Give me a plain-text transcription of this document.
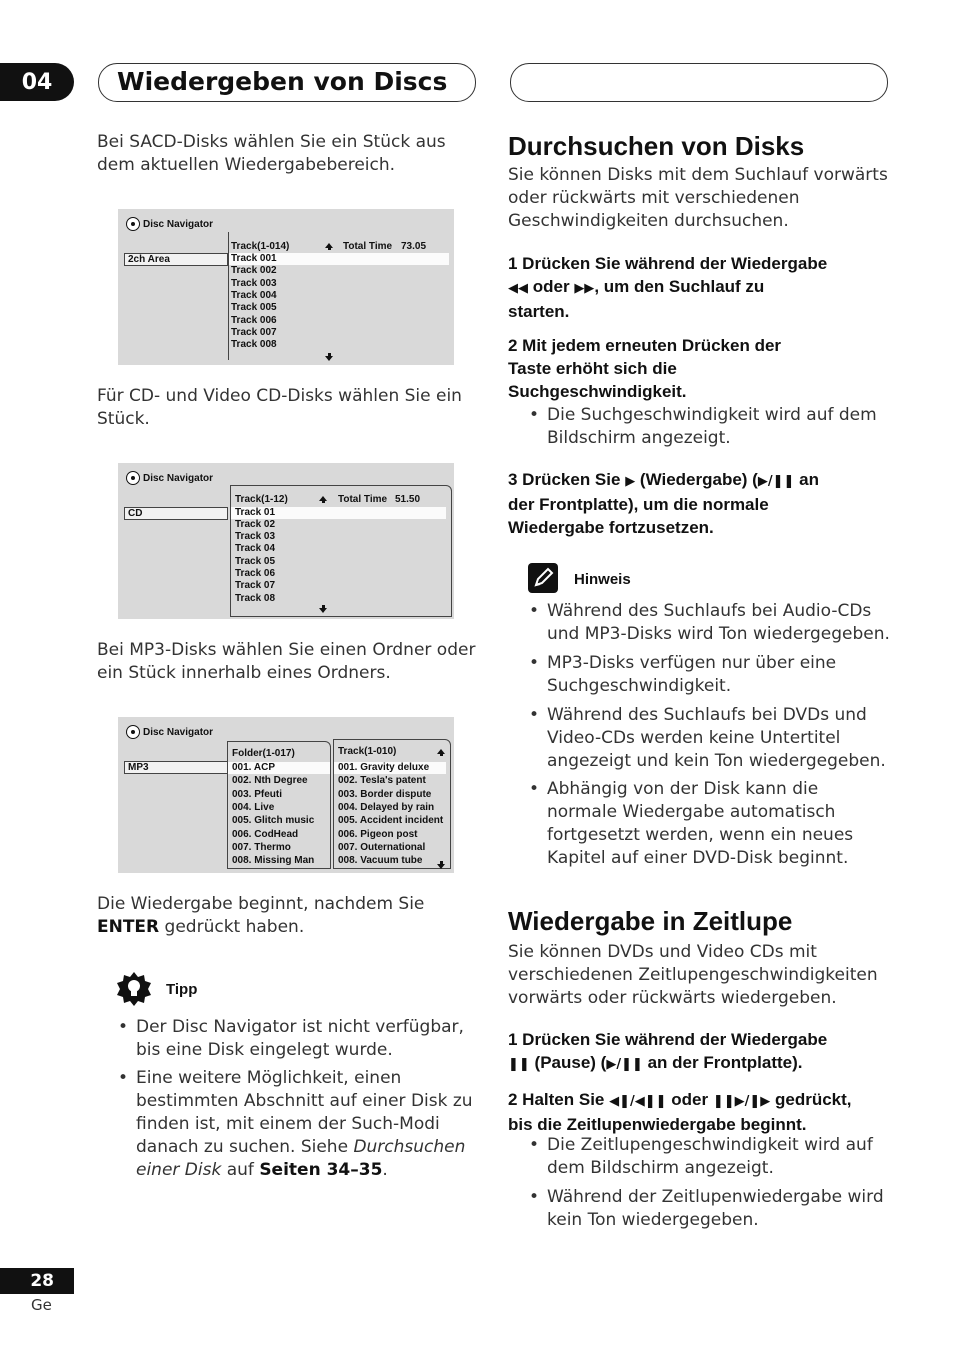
04	Wiedergeben von Discs
Bei SACD-Disks wählen Sie ein Stück aus dem aktuellen Wiedergabebereich.
Disc Navigator
2ch Area
Track(1-014)	Total Time 73.05
Track 001
Track 002
Track 003
Track 004
Track 005
Track 006
Track 007
Track 008
Für CD- und Video CD-Disks wählen Sie ein Stück.
Disc Navigator
CD
Track(1-12)	Total Time 51.50
Track 01
Track 02
Track 03
Track 04
Track 05
Track 06
Track 07
Track 08
Bei MP3-Disks wählen Sie einen Ordner oder ein Stück innerhalb eines Ordners.
Disc Navigator
MP3
Folder(1-017)
001. ACP
002. Nth Degree
003. Pfeuti
004. Live
005. Glitch music
006. CodHead
007. Thermo
008. Missing Man
Track(1-010)
001. Gravity deluxe
002. Tesla's patent
003. Border dispute
004. Delayed by rain
005. Accident incident
006. Pigeon post
007. Outernational
008. Vacuum tube
Die Wiedergabe beginnt, nachdem Sie
ENTER gedrückt haben.
Tipp
• Der Disc Navigator ist nicht verfügbar, bis eine Disk eingelegt wurde.
• Eine weitere Möglichkeit, einen
bestimmten Abschnitt auf einer Disk zu
finden ist, mit einem der Such-Modi
danach zu suchen. Siehe Durchsuchen
einer Disk auf Seiten 34–35.
Durchsuchen von Disks
Sie können Disks mit dem Suchlauf vorwärts oder rückwärts mit verschiedenen Geschwindigkeiten durchsuchen.
1 Drücken Sie während der Wiedergabe
◀◀ oder ▶▶, um den Suchlauf zu
starten.
2 Mit jedem erneuten Drücken der
Taste erhöht sich die
Suchgeschwindigkeit.
• Die Suchgeschwindigkeit wird auf dem Bildschirm angezeigt.
3 Drücken Sie ▶ (Wiedergabe) (▶/❚❚ an
der Frontplatte), um die normale
Wiedergabe fortzusetzen.
Hinweis
• Während des Suchlaufs bei Audio-CDs und MP3-Disks wird Ton wiedergegeben.
• MP3-Disks verfügen nur über eine Suchgeschwindigkeit.
• Während des Suchlaufs bei DVDs und Video-CDs werden keine Untertitel angezeigt und kein Ton wiedergegeben.
• Abhängig von der Disk kann die normale Wiedergabe automatisch fortgesetzt werden, wenn ein neues Kapitel auf einer DVD-Disk beginnt.
Wiedergabe in Zeitlupe
Sie können DVDs und Video CDs mit verschiedenen Zeitlupengeschwindigkeiten vorwärts oder rückwärts wiedergeben.
1 Drücken Sie während der Wiedergabe
❚❚ (Pause) (▶/❚❚ an der Frontplatte).
2 Halten Sie ◀❚/◀❚❚ oder ❚❚▶/❚▶ gedrückt,
bis die Zeitlupenwiedergabe beginnt.
• Die Zeitlupengeschwindigkeit wird auf dem Bildschirm angezeigt.
• Während der Zeitlupenwiedergabe wird kein Ton wiedergegeben.
28
Ge
